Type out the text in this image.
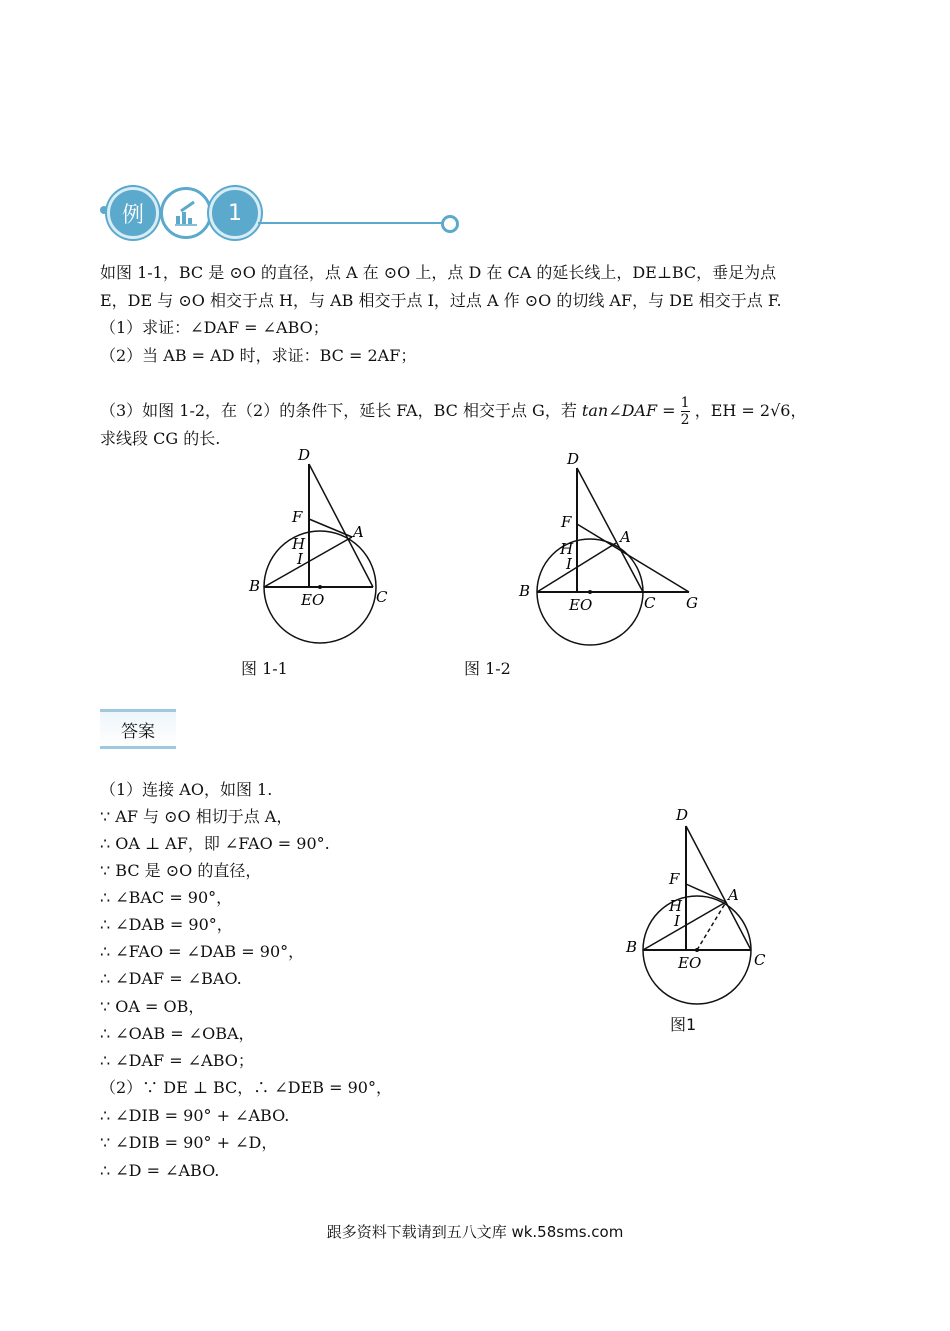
例	1
如图 1-1，BC 是 ⊙O 的直径，点 A 在 ⊙O 上，点 D 在 CA 的延长线上，DE⊥BC，垂足为点
E，DE 与 ⊙O 相交于点 H，与 AB 相交于点 I，过点 A 作 ⊙O 的切线 AF，与 DE 相交于点 F.
（1）求证：∠DAF = ∠ABO；
（2）当 AB = AD 时，求证：BC = 2AF；
（3）如图 1-2，在（2）的条件下，延长 FA，BC 相交于点 G，若 tan∠DAF = $\frac{1}{2}$ ，EH = 2√6，
求线段 CG 的长.
D
F
H
I
A
B
C
EO
图 1-1
D
F
H
I
A
B
C G
EO
图 1-2
答案
（1）连接 AO，如图 1.
∵ AF 与 ⊙O 相切于点 A，
∴ OA ⊥ AF，即 ∠FAO = 90°.
∵ BC 是 ⊙O 的直径，
∴ ∠BAC = 90°，
∴ ∠DAB = 90°，
∴ ∠FAO = ∠DAB = 90°，
∴ ∠DAF = ∠BAO.
∵ OA = OB，
∴ ∠OAB = ∠OBA，
∴ ∠DAF = ∠ABO；
（2）∵ DE ⊥ BC，∴ ∠DEB = 90°，
∴ ∠DIB = 90° + ∠ABO.
∵ ∠DIB = 90° + ∠D，
∴ ∠D = ∠ABO.
D
F
H
I
A
B
C
EO
图1
跟多资料下载请到五八文库 wk.58sms.com
